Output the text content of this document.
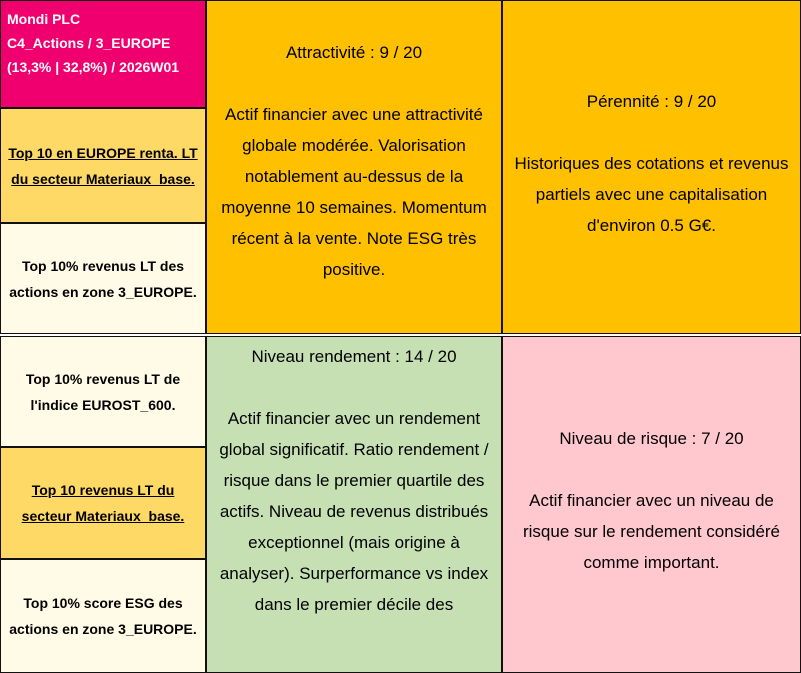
Mondi PLC
C4_Actions / 3_EUROPE
(13,3% | 32,8%) / 2026W01
Top 10 en EUROPE renta. LT du secteur Materiaux_base.
Top 10% revenus LT des actions en zone 3_EUROPE.
Top 10% revenus LT de l'indice EUROST_600.
Top 10 revenus LT du secteur Materiaux_base.
Top 10% score ESG des actions en zone 3_EUROPE.
Attractivité : 9 / 20
Actif financier avec une attractivité globale modérée. Valorisation notablement au-dessus de la moyenne 10 semaines. Momentum récent à la vente. Note ESG très positive.
Pérennité : 9 / 20
Historiques des cotations et revenus partiels avec une capitalisation d'environ 0.5 G€.
Niveau rendement : 14 / 20
Actif financier avec un rendement global significatif. Ratio rendement / risque dans le premier quartile des actifs. Niveau de revenus distribués exceptionnel (mais origine à analyser). Surperformance vs index dans le premier décile des
Niveau de risque : 7 / 20
Actif financier avec un niveau de risque sur le rendement considéré comme important.
